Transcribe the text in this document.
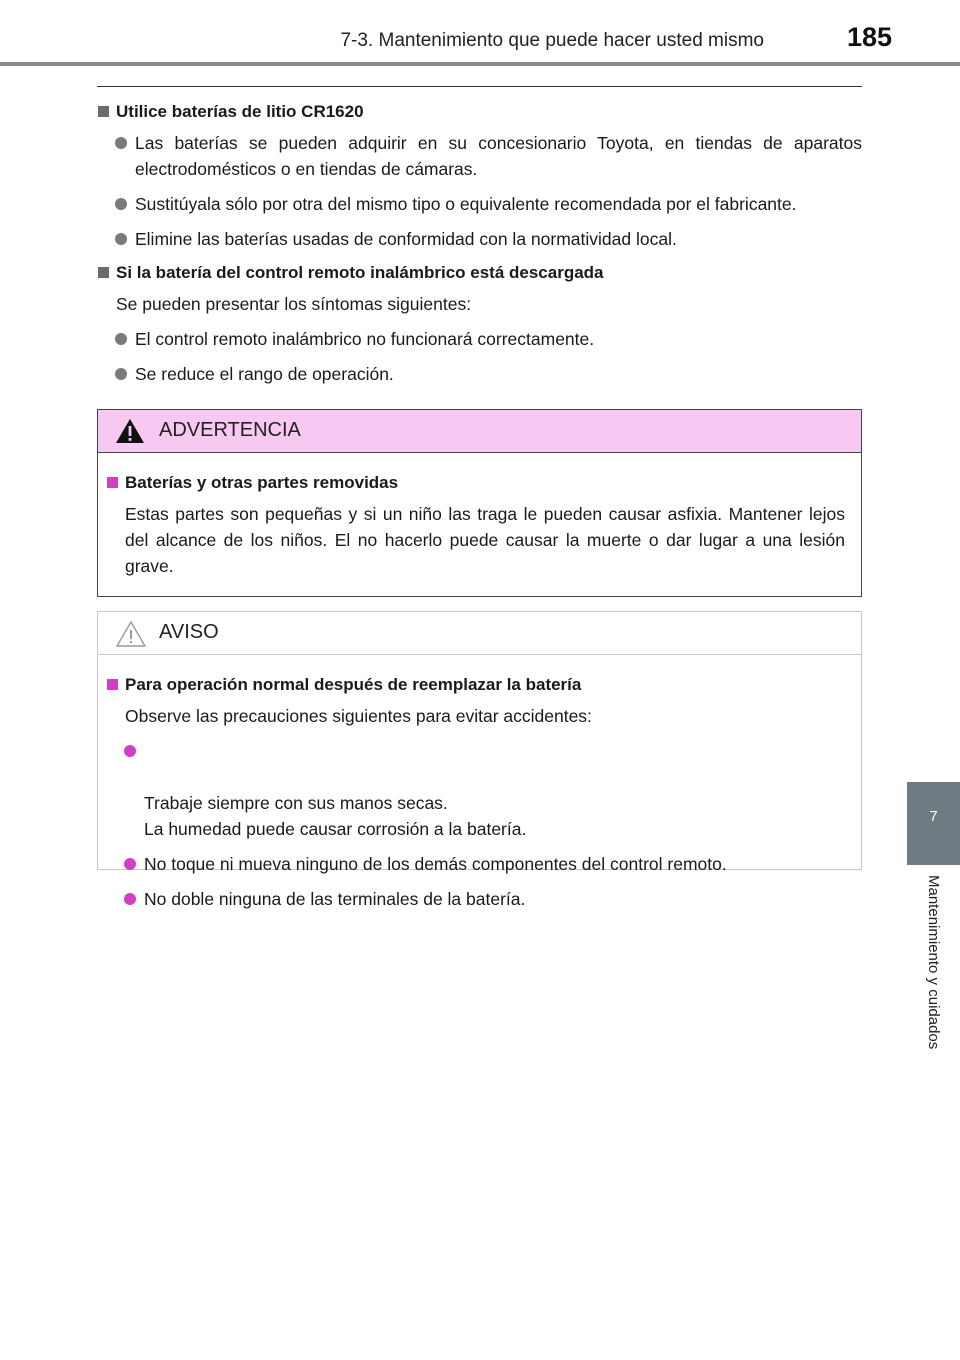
7-3. Mantenimiento que puede hacer usted mismo	185
7
Mantenimiento y cuidados
Utilice baterías de litio CR1620
Las baterías se pueden adquirir en su concesionario Toyota, en tiendas de aparatos electrodomésticos o en tiendas de cámaras.
Sustitúyala sólo por otra del mismo tipo o equivalente recomendada por el fabricante.
Elimine las baterías usadas de conformidad con la normatividad local.
Si la batería del control remoto inalámbrico está descargada
Se pueden presentar los síntomas siguientes:
El control remoto inalámbrico no funcionará correctamente.
Se reduce el rango de operación.
ADVERTENCIA
Baterías y otras partes removidas
Estas partes son pequeñas y si un niño las traga le pueden causar asfixia. Mantener lejos del alcance de los niños. El no hacerlo puede causar la muerte o dar lugar a una lesión grave.
AVISO
Para operación normal después de reemplazar la batería
Observe las precauciones siguientes para evitar accidentes:

Trabaje siempre con sus manos secas.
La humedad puede causar corrosión a la batería.

No toque ni mueva ninguno de los demás componentes del control remoto.
No doble ninguna de las terminales de la batería.
